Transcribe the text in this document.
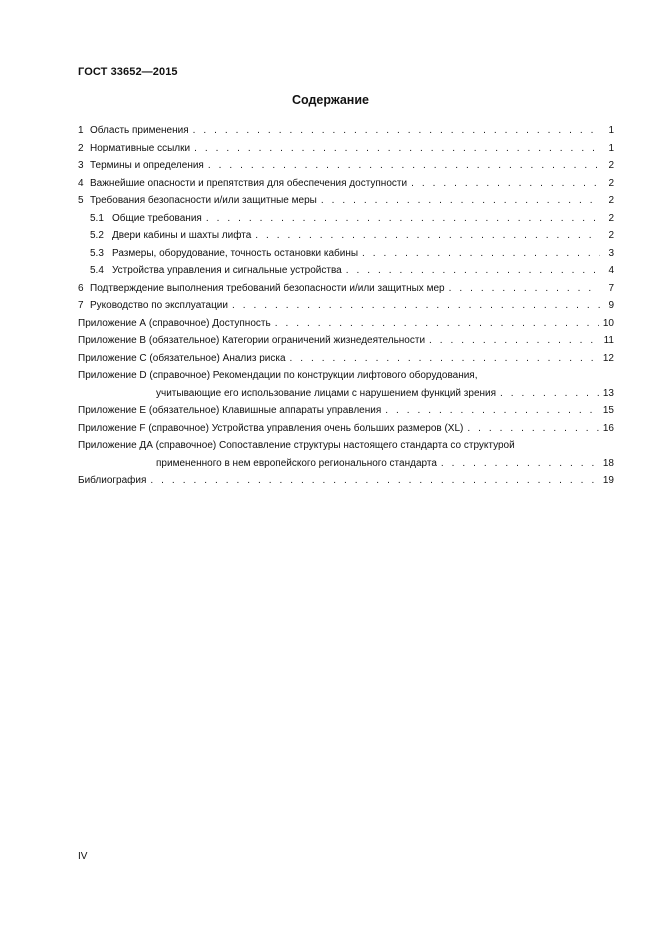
ГОСТ 33652—2015
Содержание
1 Область применения . . .	1
2 Нормативные ссылки . . .	1
3 Термины и определения . . .	2
4 Важнейшие опасности и препятствия для обеспечения доступности . . .	2
5 Требования безопасности и/или защитные меры . . .	2
5.1 Общие требования . . .	2
5.2 Двери кабины и шахты лифта . . .	2
5.3 Размеры, оборудование, точность остановки кабины . . .	3
5.4 Устройства управления и сигнальные устройства . . .	4
6 Подтверждение выполнения требований безопасности и/или защитных мер . . .	7
7 Руководство по эксплуатации . . .	9
Приложение А (справочное) Доступность . . .	10
Приложение В (обязательное) Категории ограничений жизнедеятельности . . .	11
Приложение С (обязательное) Анализ риска . . .	12
Приложение D (справочное) Рекомендации по конструкции лифтового оборудования,
учитывающие его использование лицами с нарушением функций зрения . . .	13
Приложение Е (обязательное) Клавишные аппараты управления . . .	15
Приложение F (справочное) Устройства управления очень больших размеров (XL) . . .	16
Приложение ДА (справочное) Сопоставление структуры настоящего стандарта со структурой
примененного в нем европейского регионального стандарта . . .	18
Библиография . . .	19
IV
